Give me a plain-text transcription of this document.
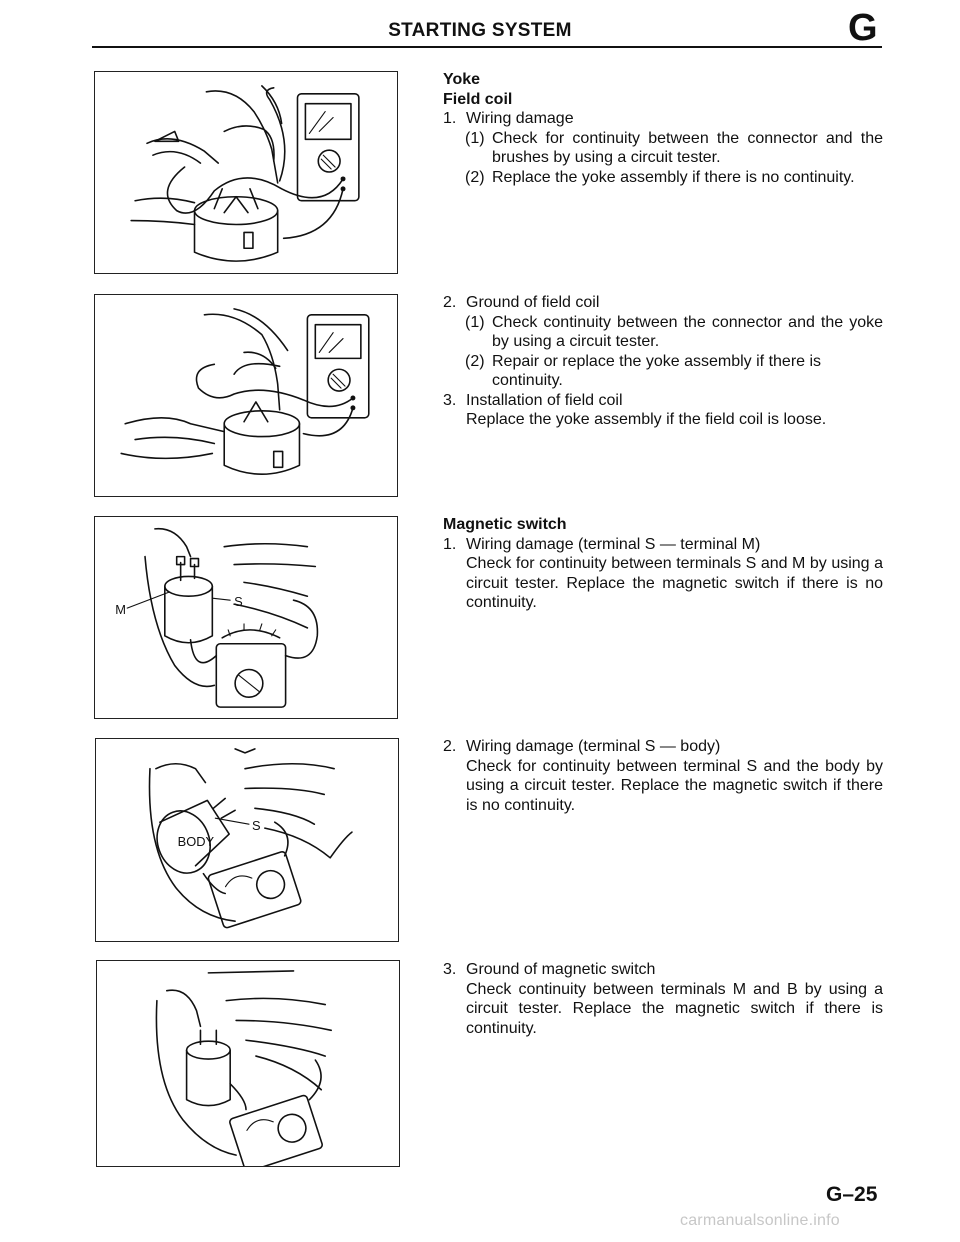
STARTING SYSTEM	G
M
S
BODY
S

Yoke

Field coil

1. Wiring damage
(1) Check for continuity between the connector and the brushes by using a circuit tester.
(2) Replace the yoke assembly if there is no continuity.
2. Ground of field coil
(1) Check continuity between the connector and the yoke by using a circuit tester.
(2) Repair or replace the yoke assembly if there is continuity.
3. Installation of field coil

Replace the yoke assembly if the field coil is loose.

Magnetic switch

1. Wiring damage (terminal S — terminal M)

Check for continuity between terminals S and M by using a circuit tester. Replace the magnetic switch if there is no continuity.

2. Wiring damage (terminal S — body)

Check for continuity between terminal S and the body by using a circuit tester. Replace the magnetic switch if there is no continuity.

3. Ground of magnetic switch

Check continuity between terminals M and B by using a circuit tester. Replace the magnetic switch if there is continuity.

G–25
carmanualsonline.info
